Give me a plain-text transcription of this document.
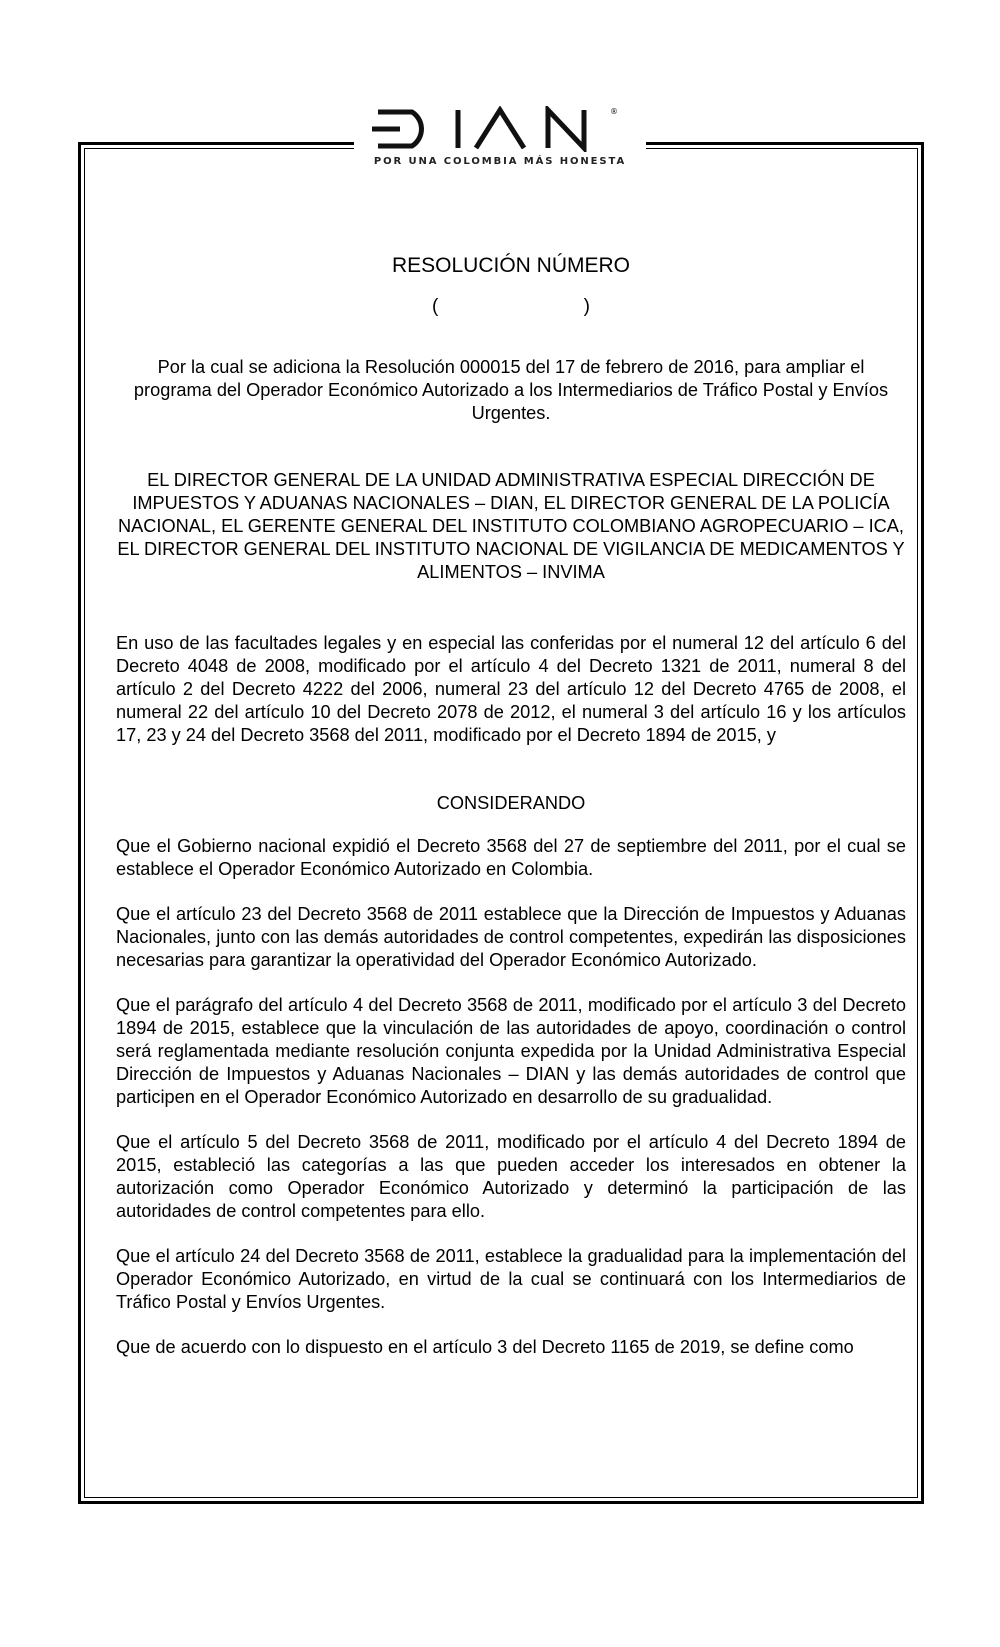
®
POR UNA COLOMBIA MÁS HONESTA
RESOLUCIÓN NÚMERO
(	)
Por la cual se adiciona la Resolución 000015 del 17 de febrero de 2016, para ampliar el programa del Operador Económico Autorizado a los Intermediarios de Tráfico Postal y Envíos Urgentes.
EL DIRECTOR GENERAL DE LA UNIDAD ADMINISTRATIVA ESPECIAL DIRECCIÓN DE IMPUESTOS Y ADUANAS NACIONALES – DIAN, EL DIRECTOR GENERAL DE LA POLICÍA NACIONAL, EL GERENTE GENERAL DEL INSTITUTO COLOMBIANO AGROPECUARIO – ICA, EL DIRECTOR GENERAL DEL INSTITUTO NACIONAL DE VIGILANCIA DE MEDICAMENTOS Y ALIMENTOS – INVIMA
En uso de las facultades legales y en especial las conferidas por el numeral 12 del artículo 6 del Decreto 4048 de 2008, modificado por el artículo 4 del Decreto 1321 de 2011, numeral 8 del artículo 2 del Decreto 4222 del 2006, numeral 23 del artículo 12 del Decreto 4765 de 2008, el numeral 22 del artículo 10 del Decreto 2078 de 2012, el numeral 3 del artículo 16 y los artículos 17, 23 y 24 del Decreto 3568 del 2011, modificado por el Decreto 1894 de 2015, y
CONSIDERANDO
Que el Gobierno nacional expidió el Decreto 3568 del 27 de septiembre del 2011, por el cual se establece el Operador Económico Autorizado en Colombia.
Que el artículo 23 del Decreto 3568 de 2011 establece que la Dirección de Impuestos y Aduanas Nacionales, junto con las demás autoridades de control competentes, expedirán las disposiciones necesarias para garantizar la operatividad del Operador Económico Autorizado.
Que el parágrafo del artículo 4 del Decreto 3568 de 2011, modificado por el artículo 3 del Decreto 1894 de 2015, establece que la vinculación de las autoridades de apoyo, coordinación o control será reglamentada mediante resolución conjunta expedida por la Unidad Administrativa Especial Dirección de Impuestos y Aduanas Nacionales – DIAN y las demás autoridades de control que participen en el Operador Económico Autorizado en desarrollo de su gradualidad.
Que el artículo 5 del Decreto 3568 de 2011, modificado por el artículo 4 del Decreto 1894 de 2015, estableció las categorías a las que pueden acceder los interesados en obtener la autorización como Operador Económico Autorizado y determinó la participación de las autoridades de control competentes para ello.
Que el artículo 24 del Decreto 3568 de 2011, establece la gradualidad para la implementación del Operador Económico Autorizado, en virtud de la cual se continuará con los Intermediarios de Tráfico Postal y Envíos Urgentes.
Que de acuerdo con lo dispuesto en el artículo 3 del Decreto 1165 de 2019, se define como
